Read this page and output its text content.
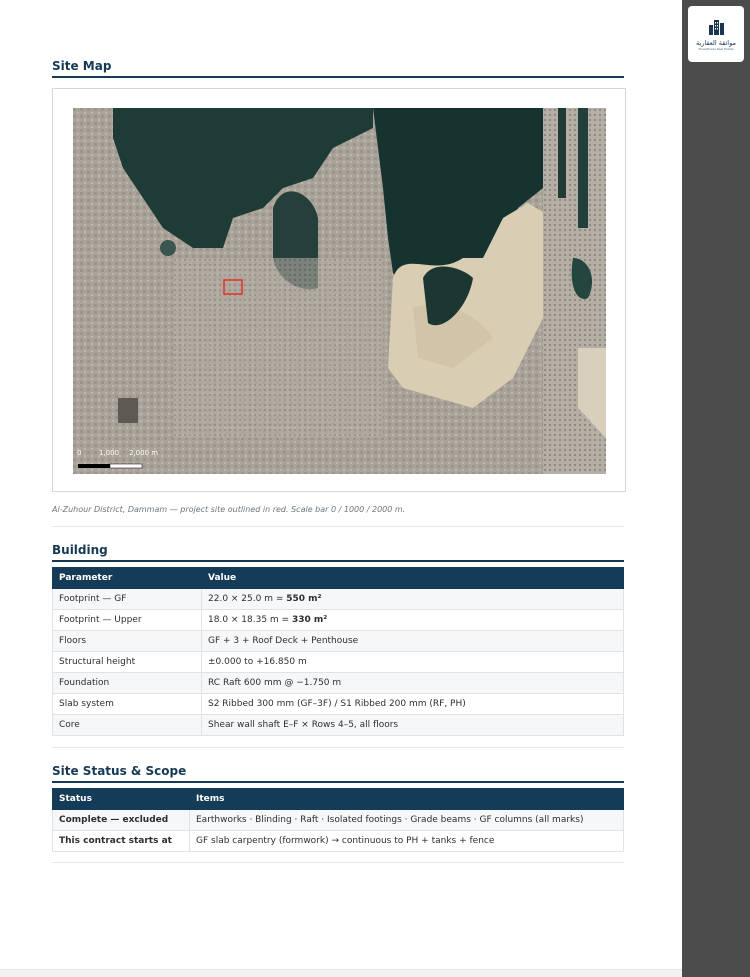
مواثقة العقارية
Muwathaqa Real Estate
Site Map
0	1,000 2,000 m
Al-Zuhour District, Dammam — project site outlined in red. Scale bar 0 / 1000 / 2000 m.
Building
Parameter	Value
Footprint — GF	22.0 × 25.0 m = 550 m²
Footprint — Upper	18.0 × 18.35 m = 330 m²
Floors	GF + 3 + Roof Deck + Penthouse
Structural height	±0.000 to +16.850 m
Foundation	RC Raft 600 mm @ −1.750 m
Slab system	S2 Ribbed 300 mm (GF–3F) / S1 Ribbed 200 mm (RF, PH)
Core	Shear wall shaft E–F × Rows 4–5, all floors
Site Status & Scope
Status	Items
Complete — excluded	Earthworks · Blinding · Raft · Isolated footings · Grade beams · GF columns (all marks)
This contract starts at	GF slab carpentry (formwork) → continuous to PH + tanks + fence
